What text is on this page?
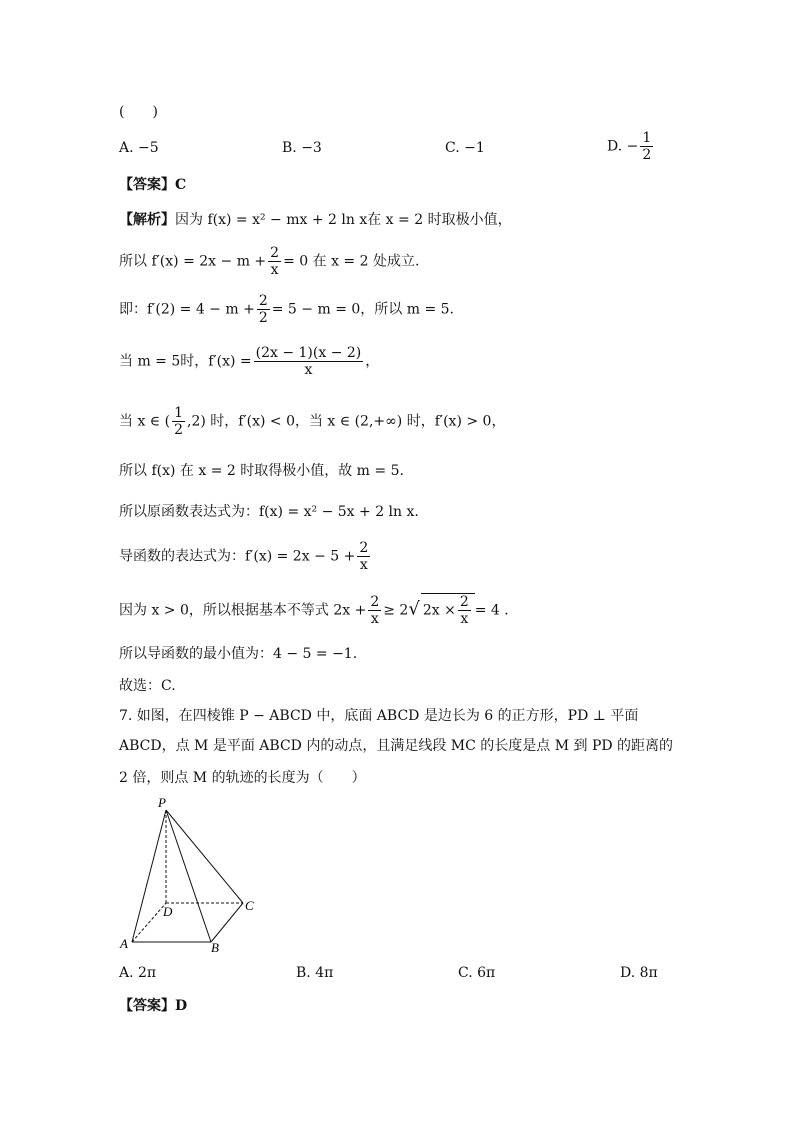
(　　)
A. −5	B. −3	C. −1	D. − $\frac{1}{2}$
【答案】C
【解析】因为 f(x) = x² − mx + 2 ln x在 x = 2 时取极小值，
所以 $f'(x) = 2x - m + \frac{2}{x} = 0$ 在 x = 2 处成立.
即：$f'(2) = 4 - m + \frac{2}{2} = 5 - m = 0$，所以 m = 5.
当 m = 5时，$f'(x) = \frac{(2x - 1)(x - 2)}{x}$ ，
当 x ∈ ( $\frac{1}{2} ,2$) 时，f′(x) < 0，当 x ∈ (2,+∞) 时，f′(x) > 0，
所以 f(x) 在 x = 2 时取得极小值，故 m = 5.
所以原函数表达式为：f(x) = x² − 5x + 2 ln x.
导函数的表达式为：$f'(x) = 2x - 5 + \frac{2}{x}$
因为 x > 0，所以根据基本不等式 $2x + \frac{2}{x} \ge 2√$ $2x \times \frac{2}{x} = 4$ .
所以导函数的最小值为：4 − 5 = −1.
故选：C.
7. 如图，在四棱锥 P − ABCD 中，底面 ABCD 是边长为 6 的正方形，PD ⊥ 平面
ABCD，点 M 是平面 ABCD 内的动点，且满足线段 MC 的长度是点 M 到 PD 的距离的
2 倍，则点 M 的轨迹的长度为（　　）
P
D	C
A	B
A. 2π	B. 4π	C. 6π	D. 8π
【答案】D
